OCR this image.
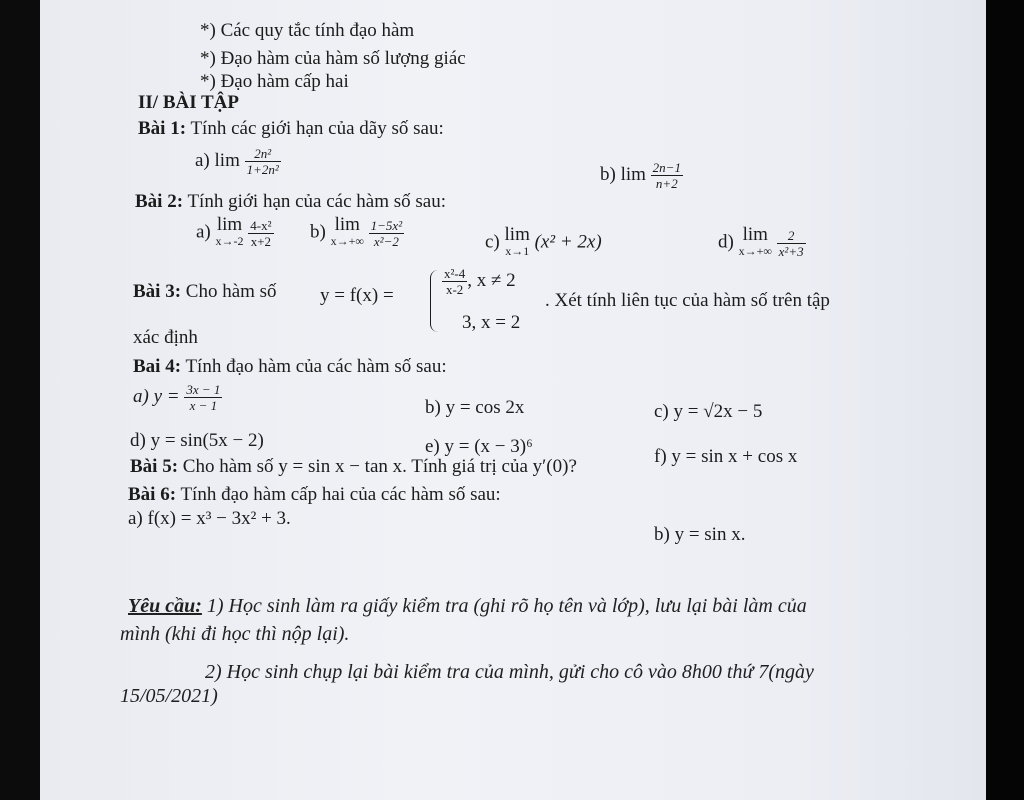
*) Các quy tắc tính đạo hàm
*) Đạo hàm của hàm số lượng giác
*) Đạo hàm cấp hai
II/ BÀI TẬP
Bài 1: Tính các giới hạn của dãy số sau:
a) $\lim \frac{\text{2n²}}{\text{1+2n²}}$	b) $\lim \frac{2n-1}{n+2}$
Bài 2: Tính giới hạn của các hàm số sau:
a) lim
x→-2
$\frac{\text{4-x²}}{x+2} b$) lim
x→+∞
$\frac{\text{1−5x²}}{\text{x²−2}}$	c) lim
x→1 (x² + 2x)	d) lim
x→+∞
$\frac{2}{\text{x²+3}}$
Bài 3: Cho hàm số y = f(x) =	$\frac{\text{x²-4}}{x-2}$ , x ≠ 2
3, x = 2
. Xét tính liên tục của hàm số trên tập
xác định
Bai 4: Tính đạo hàm của các hàm số sau:
a) $y = \frac{3x - 1}{x - 1}$	b) y = cos 2x	c) y = √2x − 5
d) y = sin(5x − 2)	e) y = (x − 3)⁶	f) y = sin x + cos x
Bài 5: Cho hàm số y = sin x − tan x. Tính giá trị của y′(0)?
Bài 6: Tính đạo hàm cấp hai của các hàm số sau:
a) f(x) = x³ − 3x² + 3.
b) y = sin x.
Yêu cầu: 1) Học sinh làm ra giấy kiểm tra (ghi rõ họ tên và lớp), lưu lại bài làm của
mình (khi đi học thì nộp lại).
2) Học sinh chụp lại bài kiểm tra của mình, gửi cho cô vào 8h00 thứ 7(ngày
15/05/2021)
